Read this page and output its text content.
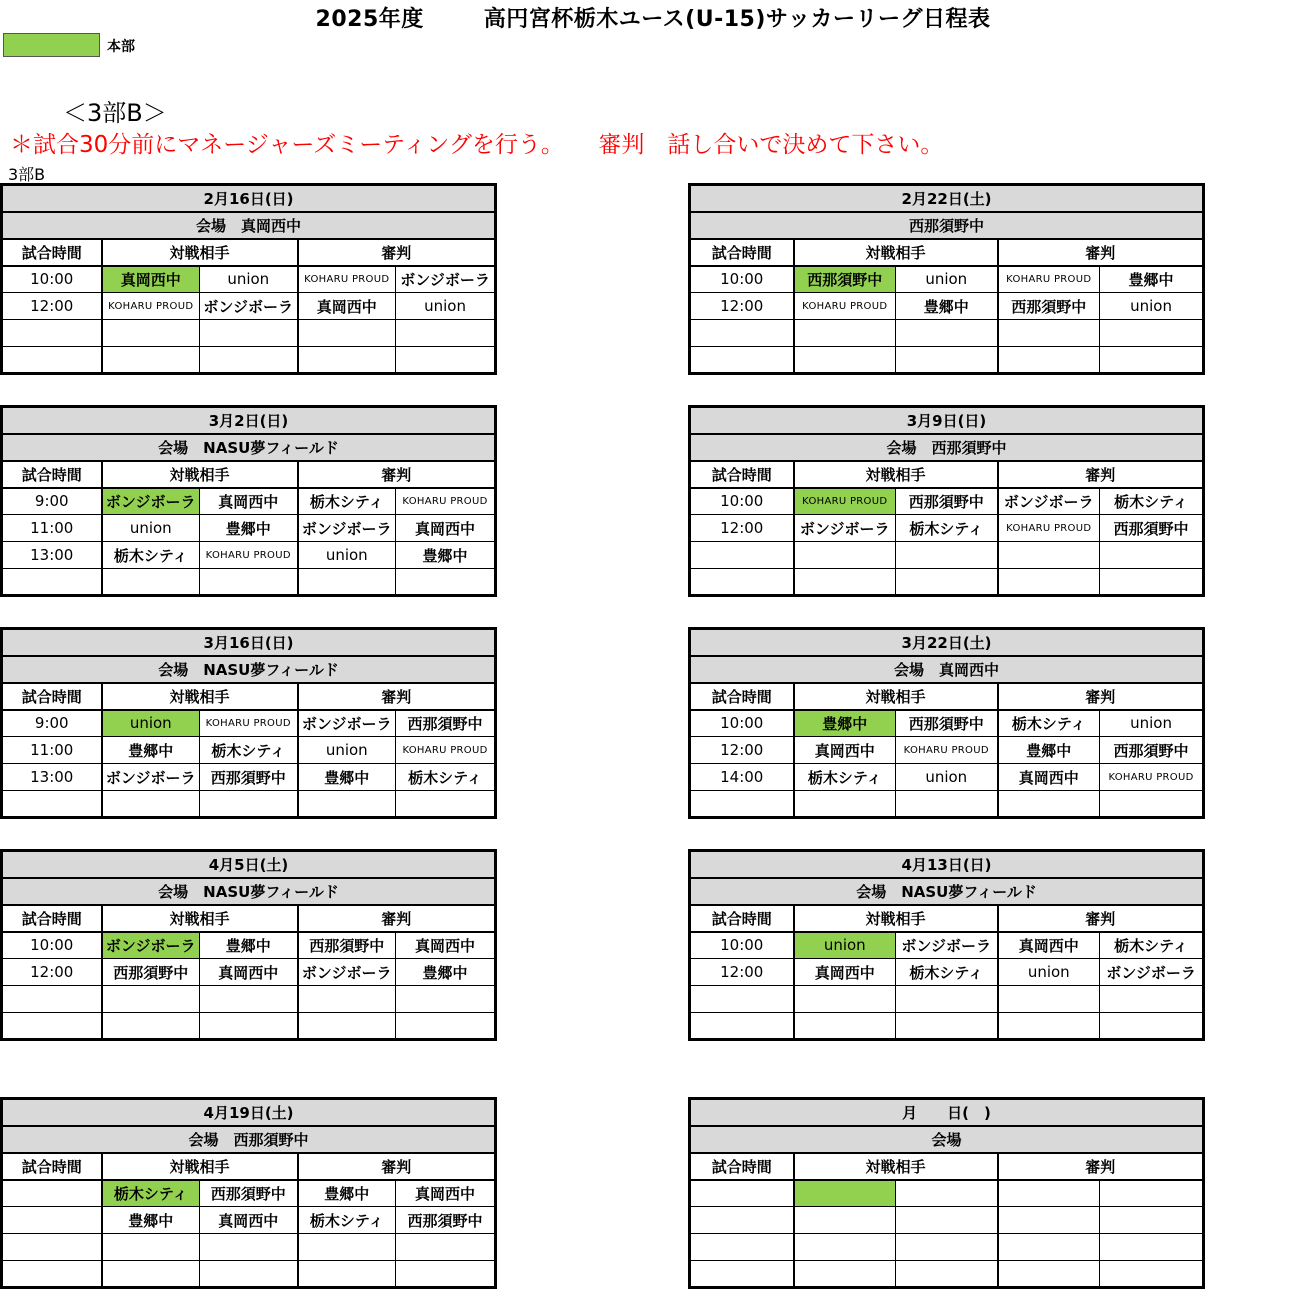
2025年度	高円宮杯栃木ユース(U-15)サッカーリーグ日程表
本部
＜3部B＞
＊試合30分前にマネージャーズミーティングを行う。　　審判　話し合いで決めて下さい。
3部B
2月16日(日)				
会場　真岡西中				
試合時間	対戦相手		審判	
10:00	真岡西中	union	KOHARU PROUD	ボンジボーラ
12:00	KOHARU PROUD	ボンジボーラ	真岡西中	union

2月22日(土)				
西那須野中				
試合時間	対戦相手		審判	
10:00	西那須野中	union	KOHARU PROUD	豊郷中
12:00	KOHARU PROUD	豊郷中	西那須野中	union

3月2日(日)				
会場　NASU夢フィールド				
試合時間	対戦相手		審判	
9:00	ボンジボーラ	真岡西中	栃木シティ	KOHARU PROUD
11:00	union	豊郷中	ボンジボーラ	真岡西中
13:00	栃木シティ	KOHARU PROUD	union	豊郷中

3月9日(日)				
会場　西那須野中				
試合時間	対戦相手		審判	
10:00	KOHARU PROUD	西那須野中	ボンジボーラ	栃木シティ
12:00	ボンジボーラ	栃木シティ	KOHARU PROUD	西那須野中

3月16日(日)				
会場　NASU夢フィールド				
試合時間	対戦相手		審判	
9:00	union	KOHARU PROUD	ボンジボーラ	西那須野中
11:00	豊郷中	栃木シティ	union	KOHARU PROUD
13:00	ボンジボーラ	西那須野中	豊郷中	栃木シティ

3月22日(土)				
会場　真岡西中				
試合時間	対戦相手		審判	
10:00	豊郷中	西那須野中	栃木シティ	union
12:00	真岡西中	KOHARU PROUD	豊郷中	西那須野中
14:00	栃木シティ	union	真岡西中	KOHARU PROUD

4月5日(土)				
会場　NASU夢フィールド				
試合時間	対戦相手		審判	
10:00	ボンジボーラ	豊郷中	西那須野中	真岡西中
12:00	西那須野中	真岡西中	ボンジボーラ	豊郷中

4月13日(日)				
会場　NASU夢フィールド				
試合時間	対戦相手		審判	
10:00	union	ボンジボーラ	真岡西中	栃木シティ
12:00	真岡西中	栃木シティ	union	ボンジボーラ

4月19日(土)				
会場　西那須野中				
試合時間	対戦相手		審判	
	栃木シティ	西那須野中	豊郷中	真岡西中
	豊郷中	真岡西中	栃木シティ	西那須野中

月　　日(　)				
会場				
試合時間	対戦相手		審判	
